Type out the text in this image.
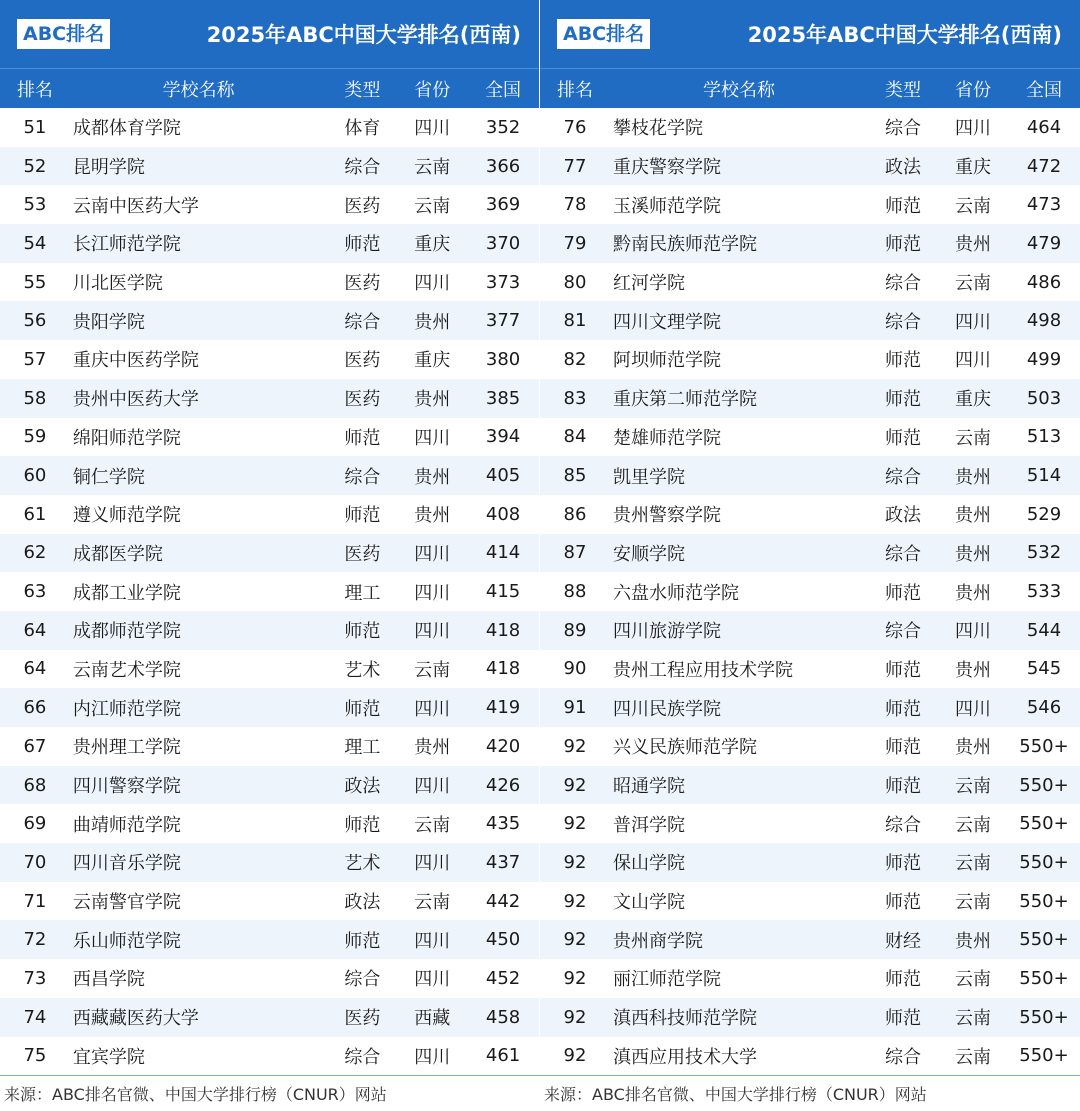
ABC排名	2025年ABC中国大学排名(西南)
排名	学校名称	类型	省份	全国
51	成都体育学院	体育	四川	352
52	昆明学院	综合	云南	366
53	云南中医药大学	医药	云南	369
54	长江师范学院	师范	重庆	370
55	川北医学院	医药	四川	373
56	贵阳学院	综合	贵州	377
57	重庆中医药学院	医药	重庆	380
58	贵州中医药大学	医药	贵州	385
59	绵阳师范学院	师范	四川	394
60	铜仁学院	综合	贵州	405
61	遵义师范学院	师范	贵州	408
62	成都医学院	医药	四川	414
63	成都工业学院	理工	四川	415
64	成都师范学院	师范	四川	418
64	云南艺术学院	艺术	云南	418
66	内江师范学院	师范	四川	419
67	贵州理工学院	理工	贵州	420
68	四川警察学院	政法	四川	426
69	曲靖师范学院	师范	云南	435
70	四川音乐学院	艺术	四川	437
71	云南警官学院	政法	云南	442
72	乐山师范学院	师范	四川	450
73	西昌学院	综合	四川	452
74	西藏藏医药大学	医药	西藏	458
75	宜宾学院	综合	四川	461
来源：ABC排名官微、中国大学排行榜（CNUR）网站
ABC排名	2025年ABC中国大学排名(西南)
排名	学校名称	类型	省份	全国
76	攀枝花学院	综合	四川	464
77	重庆警察学院	政法	重庆	472
78	玉溪师范学院	师范	云南	473
79	黔南民族师范学院	师范	贵州	479
80	红河学院	综合	云南	486
81	四川文理学院	综合	四川	498
82	阿坝师范学院	师范	四川	499
83	重庆第二师范学院	师范	重庆	503
84	楚雄师范学院	师范	云南	513
85	凯里学院	综合	贵州	514
86	贵州警察学院	政法	贵州	529
87	安顺学院	综合	贵州	532
88	六盘水师范学院	师范	贵州	533
89	四川旅游学院	综合	四川	544
90	贵州工程应用技术学院	师范	贵州	545
91	四川民族学院	师范	四川	546
92	兴义民族师范学院	师范	贵州	550+
92	昭通学院	师范	云南	550+
92	普洱学院	综合	云南	550+
92	保山学院	师范	云南	550+
92	文山学院	师范	云南	550+
92	贵州商学院	财经	贵州	550+
92	丽江师范学院	师范	云南	550+
92	滇西科技师范学院	师范	云南	550+
92	滇西应用技术大学	综合	云南	550+
来源：ABC排名官微、中国大学排行榜（CNUR）网站
